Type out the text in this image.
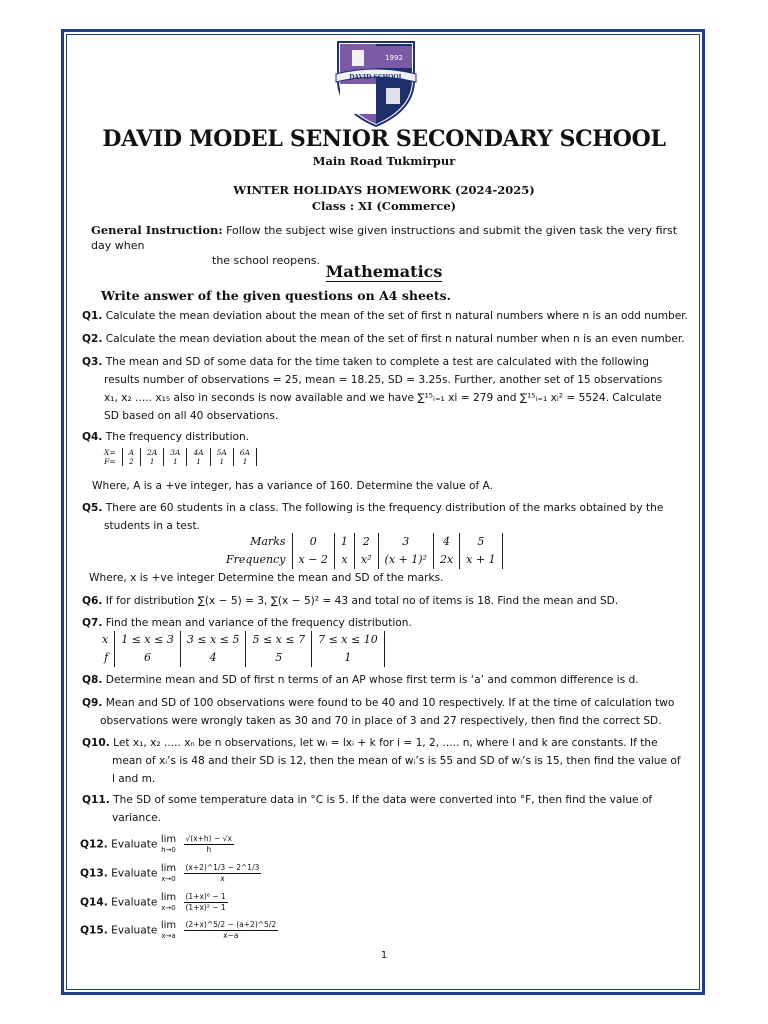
DAVID SCHOOL
1992
DAVID MODEL SENIOR SECONDARY SCHOOL
Main Road Tukmirpur
WINTER HOLIDAYS HOMEWORK (2024-2025)
Class : XI (Commerce)
General Instruction: Follow the subject wise given instructions and submit the given task the very first day when
the school reopens.
Mathematics
Write answer of the given questions on A4 sheets.
Q1. Calculate the mean deviation about the mean of the set of first n natural numbers where n is an odd number.
Q2. Calculate the mean deviation about the mean of the set of first n natural number when n is an even number.
Q3. The mean and SD of some data for the time taken to complete a test are calculated with the following
results number of observations = 25, mean = 18.25, SD = 3.25s. Further, another set of 15 observations
x₁, x₂ ..... x₁₅ also in seconds is now available and we have ∑¹⁵ᵢ₌₁ xi = 279 and ∑¹⁵ᵢ₌₁ xᵢ² = 5524. Calculate
SD based on all 40 observations.
Q4. The frequency distribution.
X=	A	2A	3A	4A	5A	6A
F=	2	1	1	1	1	1
Where, A is a +ve integer, has a variance of 160. Determine the value of A.
Q5. There are 60 students in a class. The following is the frequency distribution of the marks obtained by the
students in a test.
Marks	0	1	2	3	4	5
Frequency	x − 2	x	x²	(x + 1)²	2x	x + 1
Where, x is +ve integer Determine the mean and SD of the marks.
Q6. If for distribution ∑(x − 5) = 3, ∑(x − 5)² = 43 and total no of items is 18. Find the mean and SD.
Q7. Find the mean and variance of the frequency distribution.
x	1 ≤ x ≤ 3	3 ≤ x ≤ 5	5 ≤ x ≤ 7	7 ≤ x ≤ 10
f	6	4	5	1
Q8. Determine mean and SD of first n terms of an AP whose first term is ‘a’ and common difference is d.
Q9. Mean and SD of 100 observations were found to be 40 and 10 respectively. If at the time of calculation two
observations were wrongly taken as 30 and 70 in place of 3 and 27 respectively, then find the correct SD.
Q10. Let x₁, x₂ ..... xₙ be n observations, let wᵢ = lxᵢ + k for i = 1, 2, ..... n, where l and k are constants. If the
mean of xᵢ’s is 48 and their SD is 12, then the mean of wᵢ’s is 55 and SD of wᵢ’s is 15, then find the value of
l and m.
Q11. The SD of some temperature data in °C is 5. If the data were converted into °F, then find the value of
variance.
Q12. Evaluate lim
h→0
$\frac{√(x+h) - √x}{h}$
Q13. Evaluate lim
x→0
$\frac{(x+2)\^{}1/3 - 2\^{}1/3}{x}$
Q14. Evaluate lim
x→0
$\frac{\text{(1+x)⁶ − 1}}{\text{(1+x)² − 1}}$
Q15. Evaluate lim
x→a
$\frac{(2+x)\^{}5/2 - (a+2)\^{}5/2}{x-a}$
1
